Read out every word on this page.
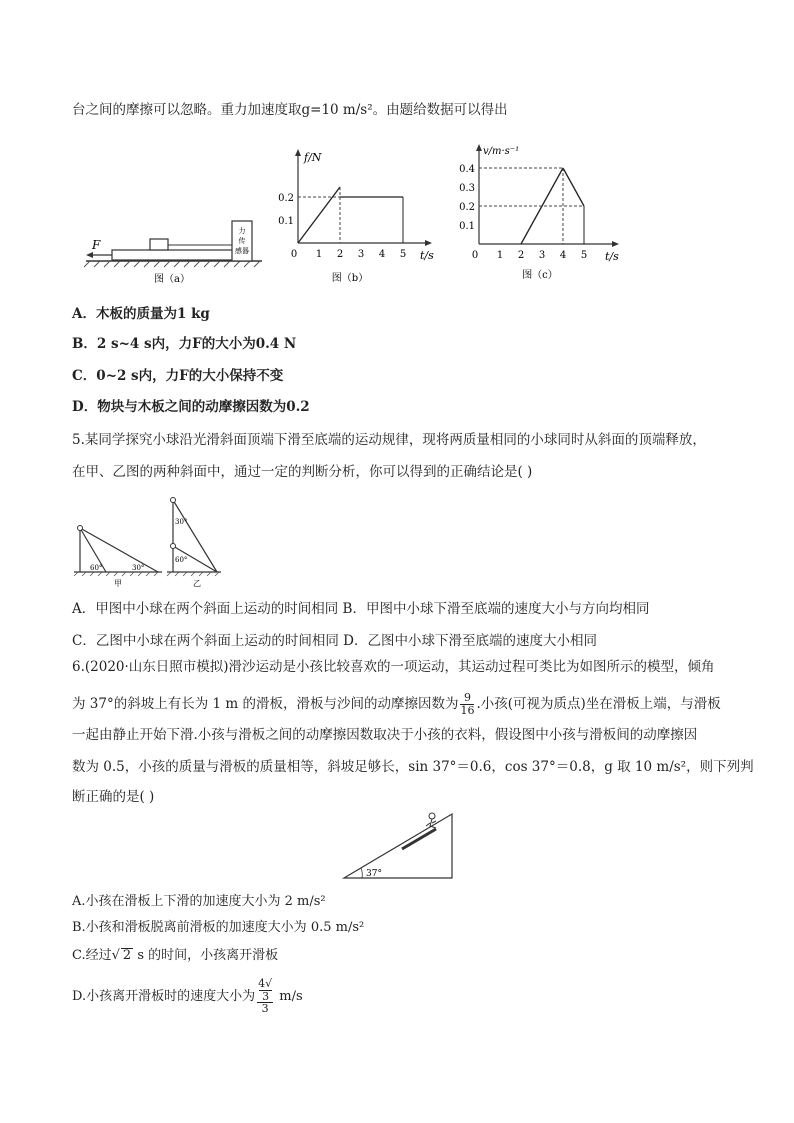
台之间的摩擦可以忽略。重力加速度取g=10 m/s²。由题给数据可以得出
力
传
感器
F
图（a）
f/N
t/s
0.2
0.1
0 1 2 3 4 5
图（b）
v/m·s⁻¹
t/s
0.4
0.3
0.2
0.1
0 1 2 3 4 5
图（c）
A．木板的质量为1 kg
B．2 s~4 s内，力F的大小为0.4 N
C．0~2 s内，力F的大小保持不变
D．物块与木板之间的动摩擦因数为0.2
5.某同学探究小球沿光滑斜面顶端下滑至底端的运动规律，现将两质量相同的小球同时从斜面的顶端释放，
在甲、乙图的两种斜面中，通过一定的判断分析，你可以得到的正确结论是( )
60°	30°
甲
30°
60°
乙
A．甲图中小球在两个斜面上运动的时间相同 B．甲图中小球下滑至底端的速度大小与方向均相同
C．乙图中小球在两个斜面上运动的时间相同 D．乙图中小球下滑至底端的速度大小相同
6.(2020·山东日照市模拟)滑沙运动是小孩比较喜欢的一项运动，其运动过程可类比为如图所示的模型，倾角
为 37°的斜坡上有长为 1 m 的滑板，滑板与沙间的动摩擦因数为 $\frac{9}{16}$ .小孩(可视为质点)坐在滑板上端，与滑板
一起由静止开始下滑.小孩与滑板之间的动摩擦因数取决于小孩的衣料，假设图中小孩与滑板间的动摩擦因
数为 0.5，小孩的质量与滑板的质量相等，斜坡足够长，sin 37°＝0.6，cos 37°＝0.8，g 取 10 m/s²，则下列判
断正确的是( )
37°
A.小孩在滑板上下滑的加速度大小为 2 m/s²
B.小孩和滑板脱离前滑板的加速度大小为 0.5 m/s²
C.经过√ 2 s 的时间，小孩离开滑板
D.小孩离开滑板时的速度大小为 4√
3
3 m/s
